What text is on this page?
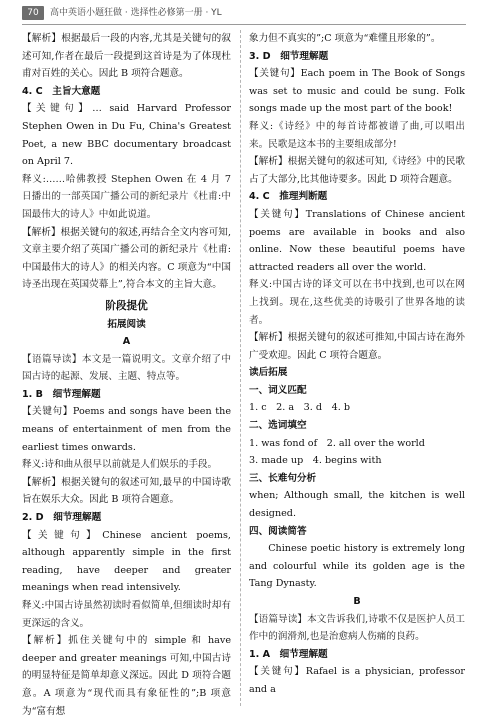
70	高中英语小题狂做 · 选择性必修第一册 · YL

【解析】根据最后一段的内容,尤其是关键句的叙述可知,作者在最后一段提到这首诗是为了体现杜甫对百姓的关心。因此 B 项符合题意。

4. C　主旨大意题

【关键句】… said Harvard Professor Stephen Owen in Du Fu, China's Greatest Poet, a new BBC documentary broadcast on April 7.

释义:……哈佛教授 Stephen Owen 在 4 月 7 日播出的一部英国广播公司的新纪录片《杜甫:中国最伟大的诗人》中如此说道。

【解析】根据关键句的叙述,再结合全文内容可知,文章主要介绍了英国广播公司的新纪录片《杜甫:中国最伟大的诗人》的相关内容。C 项意为“中国诗圣出现在英国荧幕上”,符合本文的主旨大意。

阶段提优

拓展阅读

A

【语篇导读】本文是一篇说明文。文章介绍了中国古诗的起源、发展、主题、特点等。

1. B　细节理解题

【关键句】Poems and songs have been the means of entertainment of men from the earliest times onwards.

释义:诗和曲从很早以前就是人们娱乐的手段。

【解析】根据关键句的叙述可知,最早的中国诗歌旨在娱乐大众。因此 B 项符合题意。

2. D　细节理解题

【关键句】Chinese ancient poems, although apparently simple in the first reading, have deeper and greater meanings when read intensively.

释义:中国古诗虽然初读时看似简单,但细读时却有更深远的含义。

【解析】抓住关键句中的 simple 和 have deeper and greater meanings 可知,中国古诗的明显特征是简单却意义深远。因此 D 项符合题意。A 项意为“现代而具有象征性的”;B 项意为“富有想

象力但不真实的”;C 项意为“难懂且形象的”。

3. D　细节理解题

【关键句】Each poem in The Book of Songs was set to music and could be sung. Folk songs made up the most part of the book!

释义:《诗经》中的每首诗都被谱了曲,可以唱出来。民歌是这本书的主要组成部分!

【解析】根据关键句的叙述可知,《诗经》中的民歌占了大部分,比其他诗要多。因此 D 项符合题意。

4. C　推理判断题

【关键句】Translations of Chinese ancient poems are available in books and also online. Now these beautiful poems have attracted readers all over the world.

释义:中国古诗的译文可以在书中找到,也可以在网上找到。现在,这些优美的诗吸引了世界各地的读者。

【解析】根据关键句的叙述可推知,中国古诗在海外广受欢迎。因此 C 项符合题意。

读后拓展

一、词义匹配

1. c　2. a　3. d　4. b

二、选词填空

1. was fond of　2. all over the world

3. made up　4. begins with

三、长难句分析

when; Although small, the kitchen is well designed.

四、阅读简答

Chinese poetic history is extremely long and colourful while its golden age is the Tang Dynasty.

B

【语篇导读】本文告诉我们,诗歌不仅是医护人员工作中的润滑剂,也是治愈病人伤痛的良药。

1. A　细节理解题

【关键句】Rafael is a physician, professor and a
